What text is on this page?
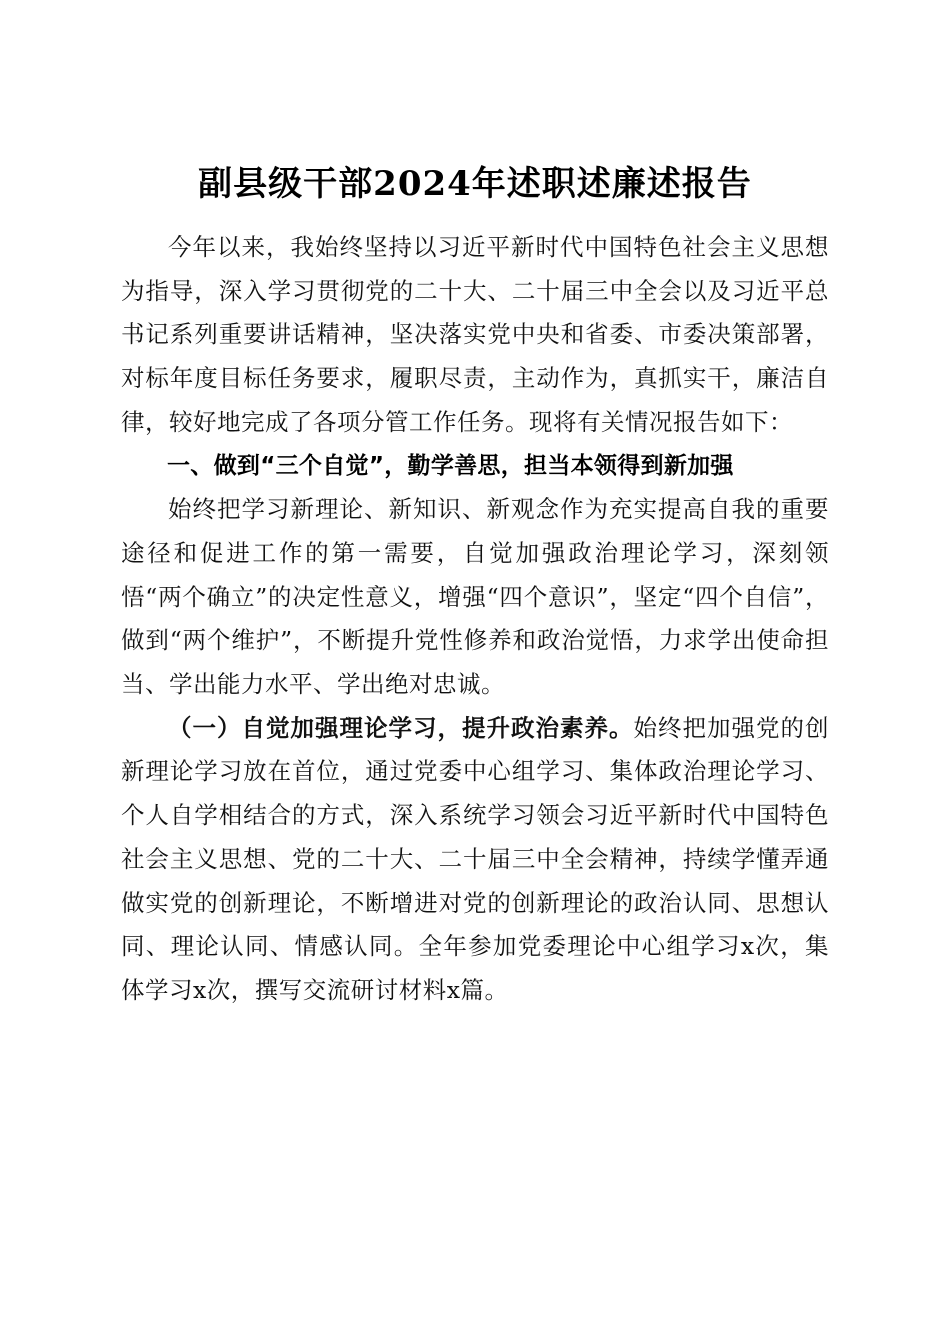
副县级干部2024年述职述廉述报告

今年以来，我始终坚持以习近平新时代中国特色社会主义思想为指导，深入学习贯彻党的二十大、二十届三中全会以及习近平总书记系列重要讲话精神，坚决落实党中央和省委、市委决策部署，对标年度目标任务要求，履职尽责，主动作为，真抓实干，廉洁自律，较好地完成了各项分管工作任务。现将有关情况报告如下：

一、做到“三个自觉”，勤学善思，担当本领得到新加强

始终把学习新理论、新知识、新观念作为充实提高自我的重要途径和促进工作的第一需要，自觉加强政治理论学习，深刻领悟“两个确立”的决定性意义，增强“四个意识”，坚定“四个自信”，做到“两个维护”，不断提升党性修养和政治觉悟，力求学出使命担当、学出能力水平、学出绝对忠诚。

（一）自觉加强理论学习，提升政治素养。始终把加强党的创新理论学习放在首位，通过党委中心组学习、集体政治理论学习、个人自学相结合的方式，深入系统学习领会习近平新时代中国特色社会主义思想、党的二十大、二十届三中全会精神，持续学懂弄通做实党的创新理论，不断增进对党的创新理论的政治认同、思想认同、理论认同、情感认同。全年参加党委理论中心组学习x次，集体学习x次，撰写交流研讨材料x篇。
